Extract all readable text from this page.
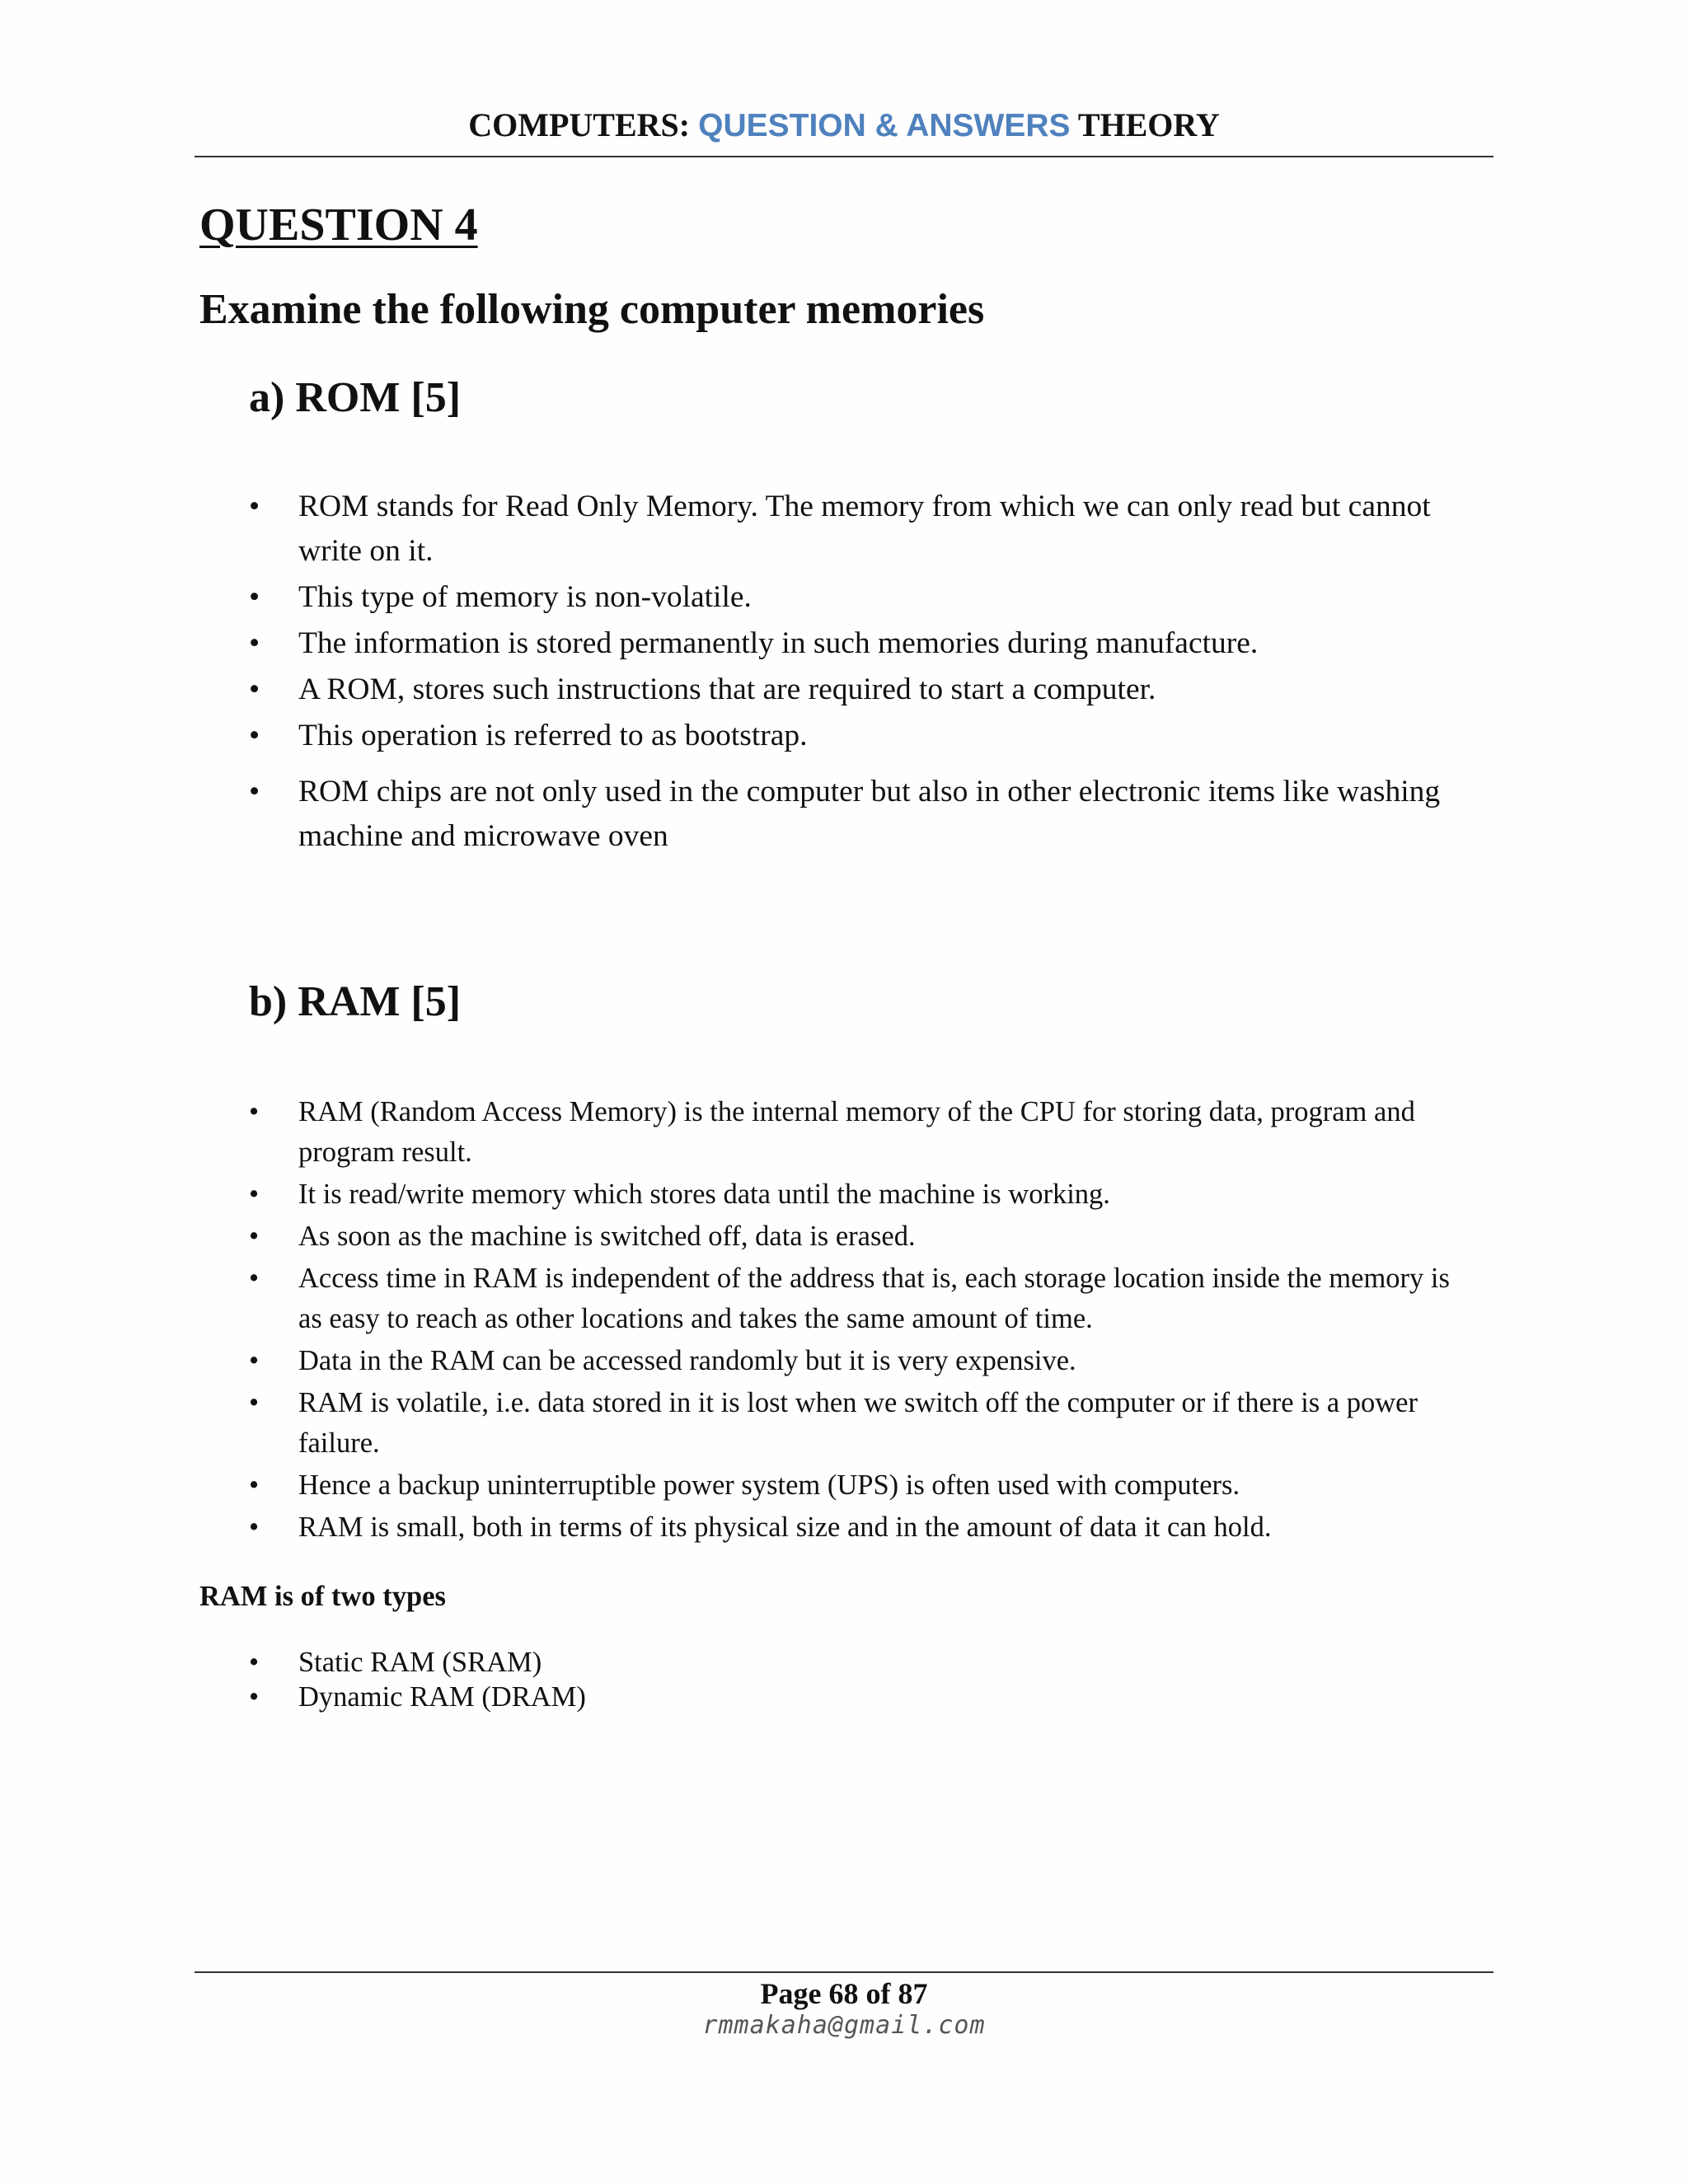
COMPUTERS: QUESTION & ANSWERS THEORY
QUESTION 4
Examine the following computer memories
a) ROM [5]
• ROM stands for Read Only Memory. The memory from which we can only read but cannot write on it.
• This type of memory is non-volatile.
• The information is stored permanently in such memories during manufacture.
• A ROM, stores such instructions that are required to start a computer.
• This operation is referred to as bootstrap.
• ROM chips are not only used in the computer but also in other electronic items like washing machine and microwave oven
b) RAM [5]
• RAM (Random Access Memory) is the internal memory of the CPU for storing data, program and program result.
• It is read/write memory which stores data until the machine is working.
• As soon as the machine is switched off, data is erased.
• Access time in RAM is independent of the address that is, each storage location inside the memory is as easy to reach as other locations and takes the same amount of time.
• Data in the RAM can be accessed randomly but it is very expensive.
• RAM is volatile, i.e. data stored in it is lost when we switch off the computer or if there is a power failure.
• Hence a backup uninterruptible power system (UPS) is often used with computers.
• RAM is small, both in terms of its physical size and in the amount of data it can hold.
RAM is of two types
• Static RAM (SRAM)
• Dynamic RAM (DRAM)
Page 68 of 87
rmmakaha@gmail.com
